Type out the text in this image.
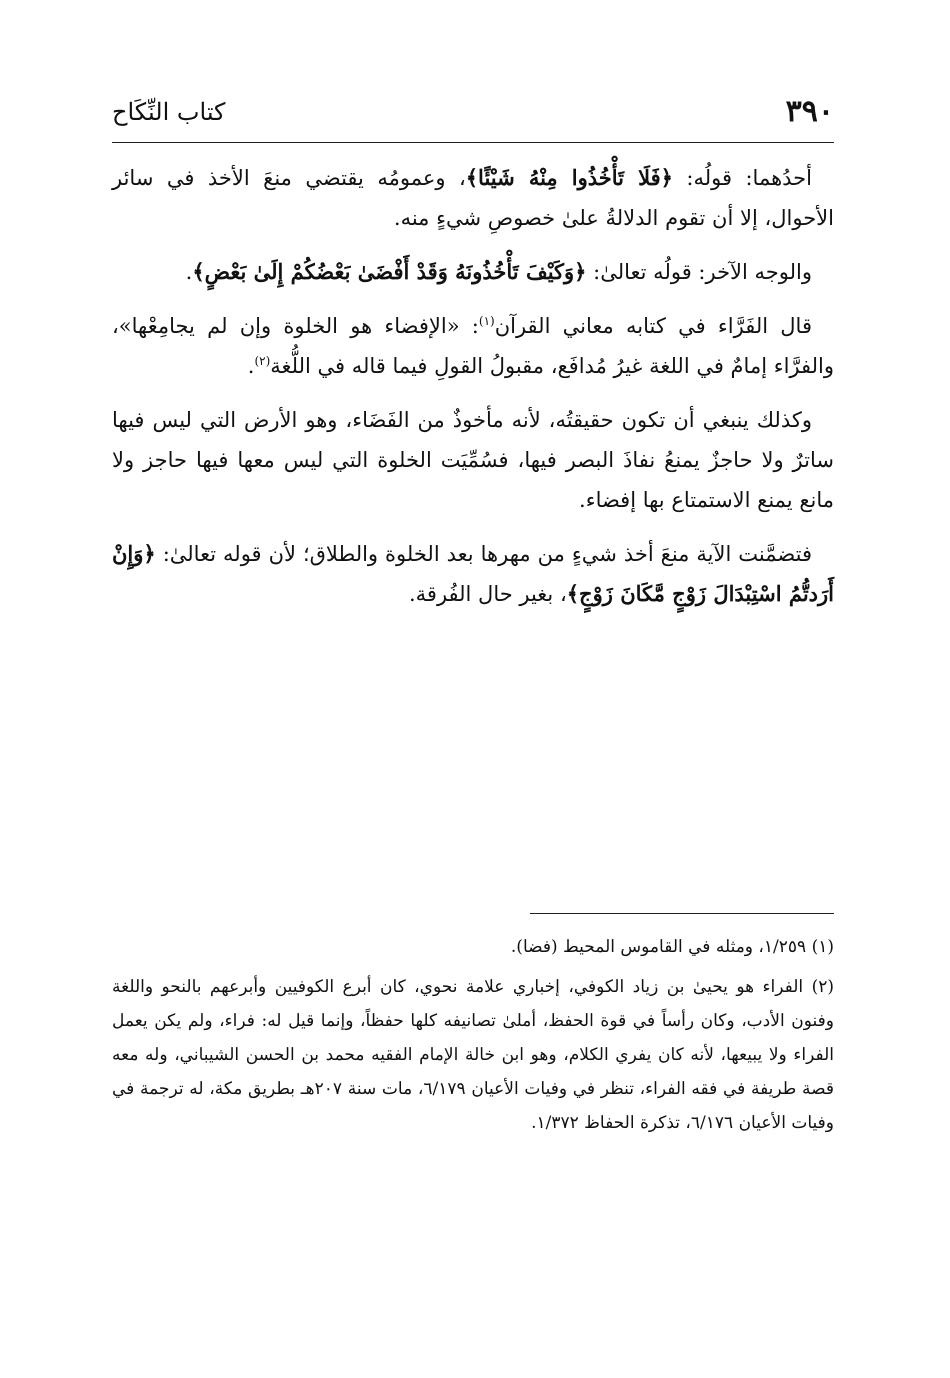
٣٩٠
كتاب النِّكَاح

أحدُهما: قولُه: ﴿فَلَا تَأْخُذُوا مِنْهُ شَيْئًا﴾، وعمومُه يقتضي منعَ الأخذ في سائر الأحوال، إلا أن تقوم الدلالةُ علىٰ خصوصِ شيءٍ منه.

والوجه الآخر: قولُه تعالىٰ: ﴿وَكَيْفَ تَأْخُذُونَهُ وَقَدْ أَفْضَىٰ بَعْضُكُمْ إِلَىٰ بَعْضٍ﴾.

قال الفَرَّاء في كتابه معاني القرآن$^{(١)}$: «الإفضاء هو الخلوة وإن لم يجامِعْها»، والفرَّاء إمامٌ في اللغة غيرُ مُدافَع، مقبولُ القولِ فيما قاله في اللُّغة$^{(٢)}$.

وكذلك ينبغي أن تكون حقيقتُه، لأنه مأخوذٌ من الفَضَاء، وهو الأرض التي ليس فيها ساترٌ ولا حاجزٌ يمنعُ نفاذَ البصر فيها، فسُمِّيَت الخلوة التي ليس معها فيها حاجز ولا مانع يمنع الاستمتاع بها إفضاء.

فتضمَّنت الآية منعَ أخذ شيءٍ من مهرها بعد الخلوة والطلاق؛ لأن قوله تعالىٰ: ﴿وَإِنْ أَرَدتُّمُ اسْتِبْدَالَ زَوْجٍ مَّكَانَ زَوْجٍ﴾، بغير حال الفُرقة.

(١) ١/٢٥٩، ومثله في القاموس المحيط (فضا).

(٢) الفراء هو يحيىٰ بن زياد الكوفي، إخباري علامة نحوي، كان أبرع الكوفيين وأبرعهم بالنحو واللغة وفنون الأدب، وكان رأساً في قوة الحفظ، أملىٰ تصانيفه كلها حفظاً، وإنما قيل له: فراء، ولم يكن يعمل الفراء ولا يبيعها، لأنه كان يفري الكلام، وهو ابن خالة الإمام الفقيه محمد بن الحسن الشيباني، وله معه قصة طريفة في فقه الفراء، تنظر في وفيات الأعيان ٦/١٧٩، مات سنة ٢٠٧هـ بطريق مكة، له ترجمة في وفيات الأعيان ٦/١٧٦، تذكرة الحفاظ ١/٣٧٢.
